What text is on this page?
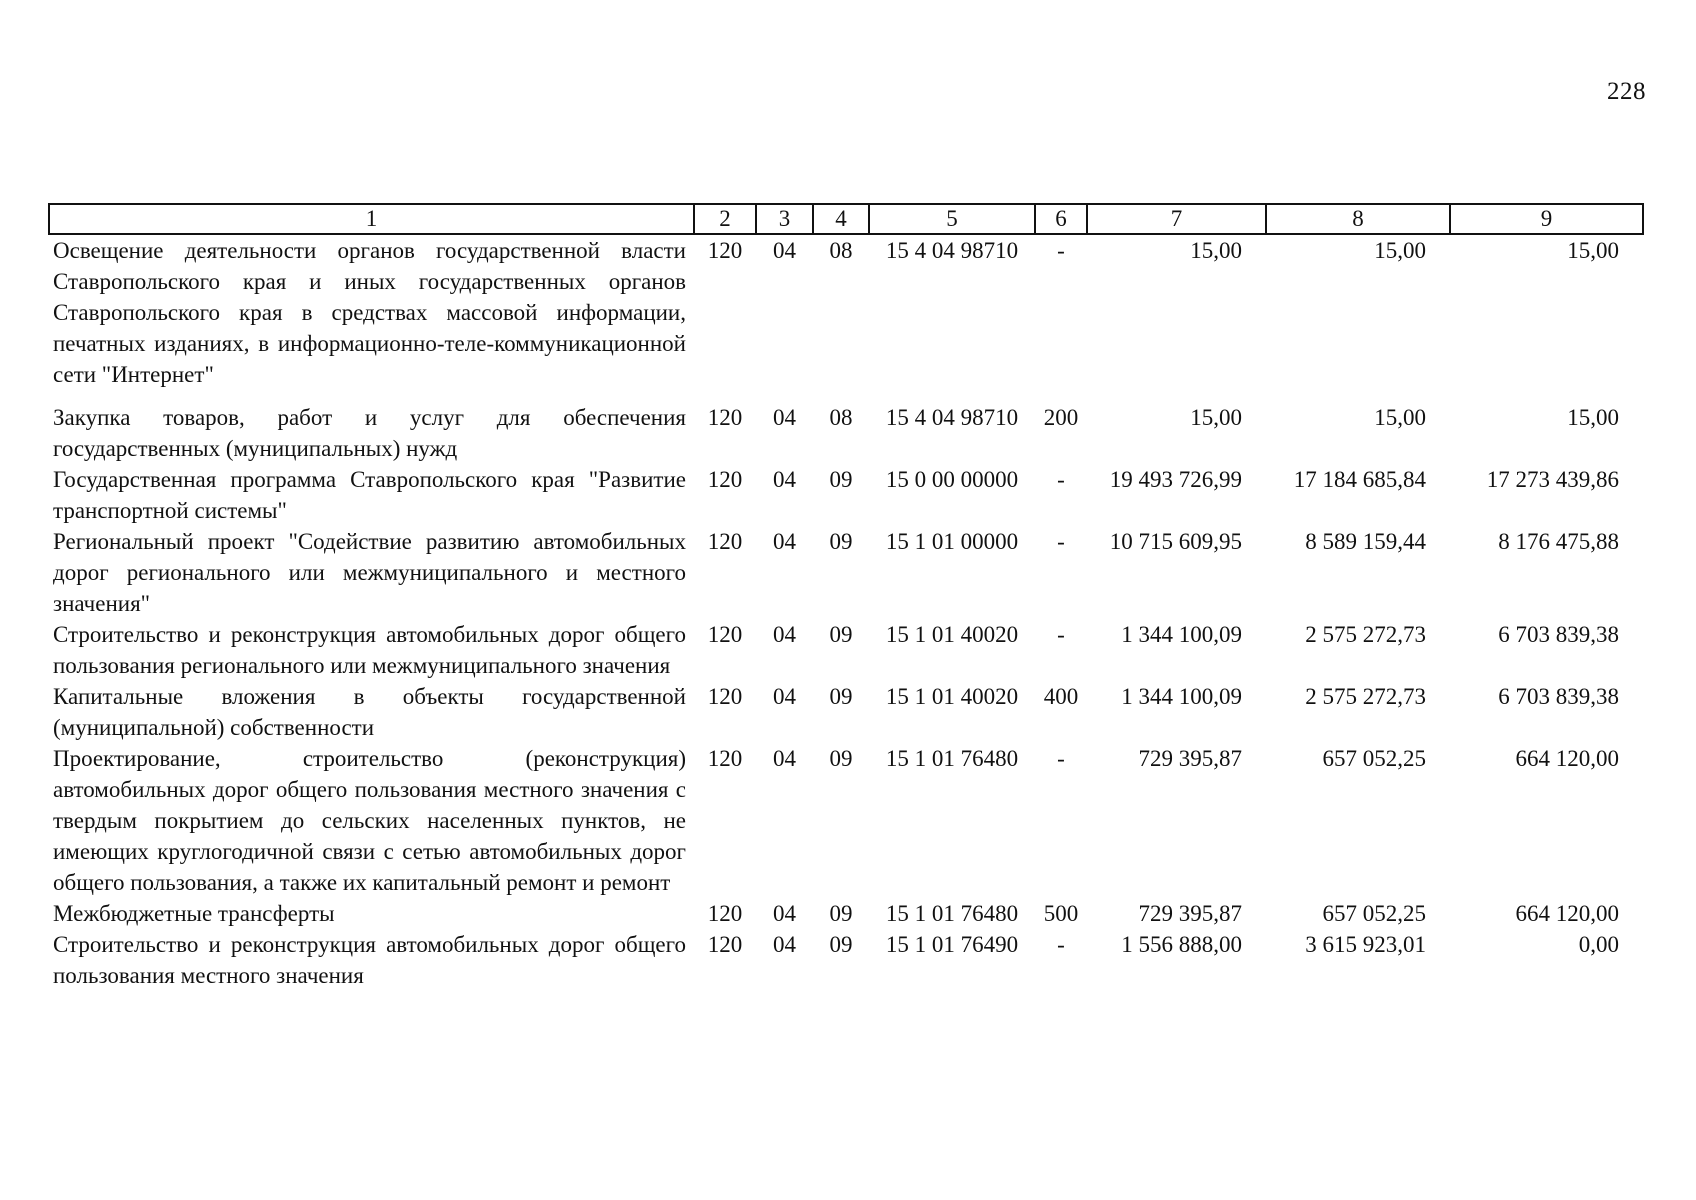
228
1	2	3	4	5	6	7	8	9
Освещение деятельности органов государственной власти Ставропольского края и иных государственных органов Ставропольского края в средствах массовой информации, печатных изданиях, в информационно-теле-коммуникационной сети "Интернет"	120	04	08	15 4 04 98710	-	15,00	15,00	15,00

Закупка товаров, работ и услуг для обеспечения государственных (муниципальных) нужд	120	04	08	15 4 04 98710	200	15,00	15,00	15,00
Государственная программа Ставропольского края "Развитие транспортной системы"	120	04	09	15 0 00 00000	-	19 493 726,99	17 184 685,84	17 273 439,86
Региональный проект "Содействие развитию автомобильных дорог регионального или межмуниципального и местного значения"	120	04	09	15 1 01 00000	-	10 715 609,95	8 589 159,44	8 176 475,88
Строительство и реконструкция автомобильных дорог общего пользования регионального или межмуниципального значения	120	04	09	15 1 01 40020	-	1 344 100,09	2 575 272,73	6 703 839,38
Капитальные вложения в объекты государственной (муниципальной) собственности	120	04	09	15 1 01 40020	400	1 344 100,09	2 575 272,73	6 703 839,38
Проектирование, строительство (реконструкция) автомобильных дорог общего пользования местного значения с твердым покрытием до сельских населенных пунктов, не имеющих круглогодичной связи с сетью автомобильных дорог общего пользования, а также их капитальный ремонт и ремонт	120	04	09	15 1 01 76480	-	729 395,87	657 052,25	664 120,00
Межбюджетные трансферты	120	04	09	15 1 01 76480	500	729 395,87	657 052,25	664 120,00
Строительство и реконструкция автомобильных дорог общего пользования местного значения	120	04	09	15 1 01 76490	-	1 556 888,00	3 615 923,01	0,00
